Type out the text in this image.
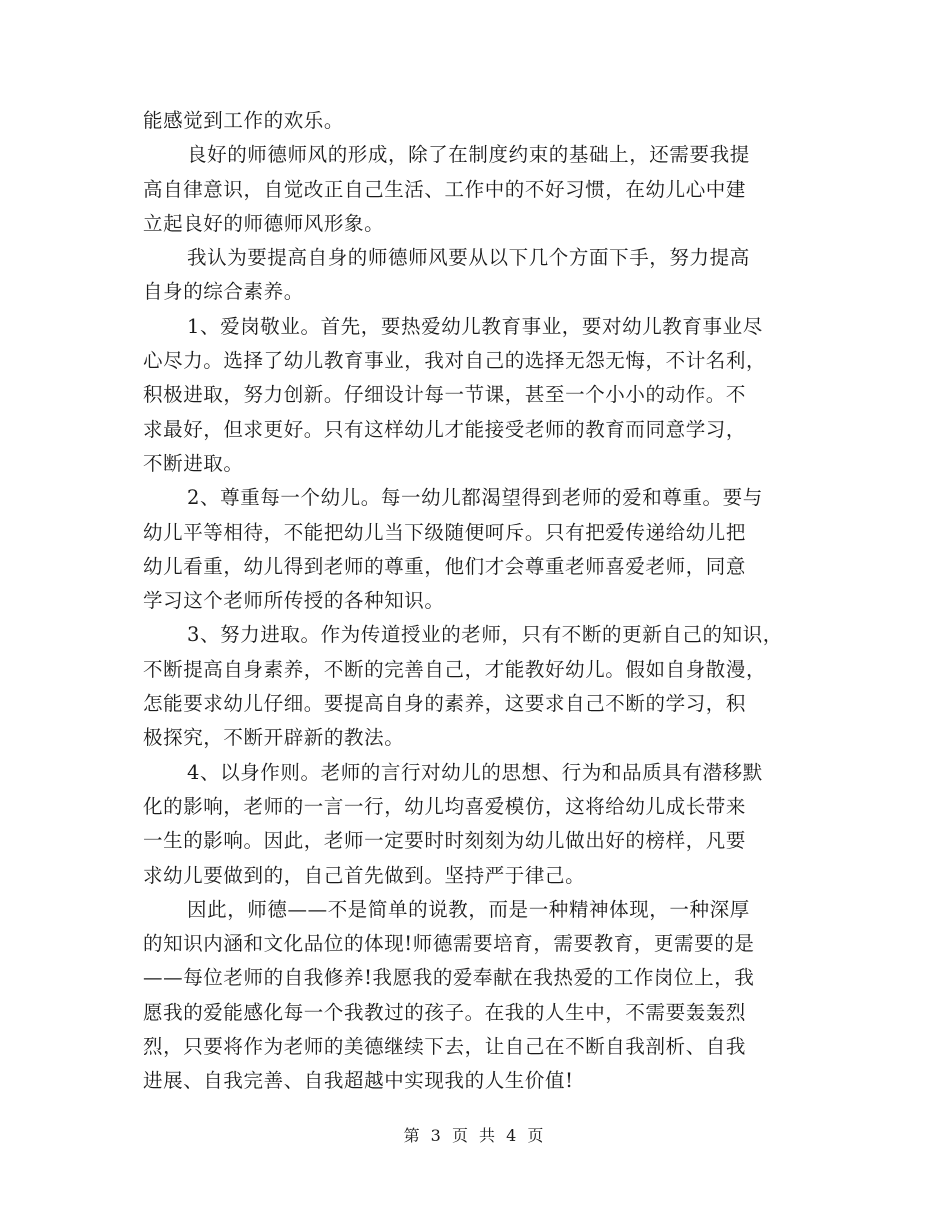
能感觉到工作的欢乐。
良好的师德师风的形成，除了在制度约束的基础上，还需要我提
高自律意识，自觉改正自己生活、工作中的不好习惯，在幼儿心中建
立起良好的师德师风形象。
我认为要提高自身的师德师风要从以下几个方面下手，努力提高
自身的综合素养。
1、爱岗敬业。首先，要热爱幼儿教育事业，要对幼儿教育事业尽
心尽力。选择了幼儿教育事业，我对自己的选择无怨无悔，不计名利，
积极进取，努力创新。仔细设计每一节课，甚至一个小小的动作。不
求最好，但求更好。只有这样幼儿才能接受老师的教育而同意学习，
不断进取。
2、尊重每一个幼儿。每一幼儿都渴望得到老师的爱和尊重。要与
幼儿平等相待，不能把幼儿当下级随便呵斥。只有把爱传递给幼儿把
幼儿看重，幼儿得到老师的尊重，他们才会尊重老师喜爱老师，同意
学习这个老师所传授的各种知识。
3、努力进取。作为传道授业的老师，只有不断的更新自己的知识，
不断提高自身素养，不断的完善自己，才能教好幼儿。假如自身散漫，
怎能要求幼儿仔细。要提高自身的素养，这要求自己不断的学习，积
极探究，不断开辟新的教法。
4、以身作则。老师的言行对幼儿的思想、行为和品质具有潜移默
化的影响，老师的一言一行，幼儿均喜爱模仿，这将给幼儿成长带来
一生的影响。因此，老师一定要时时刻刻为幼儿做出好的榜样，凡要
求幼儿要做到的，自己首先做到。坚持严于律己。
因此，师德——不是简单的说教，而是一种精神体现，一种深厚
的知识内涵和文化品位的体现!师德需要培育，需要教育，更需要的是
——每位老师的自我修养!我愿我的爱奉献在我热爱的工作岗位上，我
愿我的爱能感化每一个我教过的孩子。在我的人生中，不需要轰轰烈
烈，只要将作为老师的美德继续下去，让自己在不断自我剖析、自我
进展、自我完善、自我超越中实现我的人生价值!
第 3 页 共 4 页
